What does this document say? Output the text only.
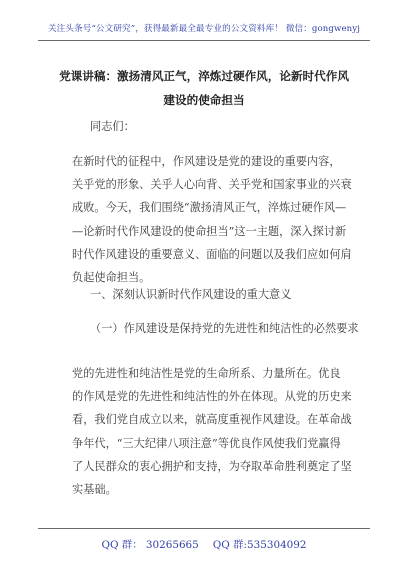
关注头条号“公文研究”，获得最新最全最专业的公文资料库！ 微信：gongwenyj
党课讲稿：激扬清风正气，淬炼过硬作风，论新时代作风
建设的使命担当
同志们：
在新时代的征程中，作风建设是党的建设的重要内容，
关乎党的形象、关乎人心向背、关乎党和国家事业的兴衰
成败。今天，我们围绕“激扬清风正气，淬炼过硬作风—
—论新时代作风建设的使命担当”这一主题，深入探讨新
时代作风建设的重要意义、面临的问题以及我们应如何肩
负起使命担当。
一、深刻认识新时代作风建设的重大意义
（一）作风建设是保持党的先进性和纯洁性的必然要求
党的先进性和纯洁性是党的生命所系、力量所在。优良
的作风是党的先进性和纯洁性的外在体现。从党的历史来
看，我们党自成立以来，就高度重视作风建设。在革命战
争年代，“三大纪律八项注意”等优良作风使我们党赢得
了人民群众的衷心拥护和支持，为夺取革命胜利奠定了坚
实基础。
QQ 群： 30265665 QQ 群:535304092
